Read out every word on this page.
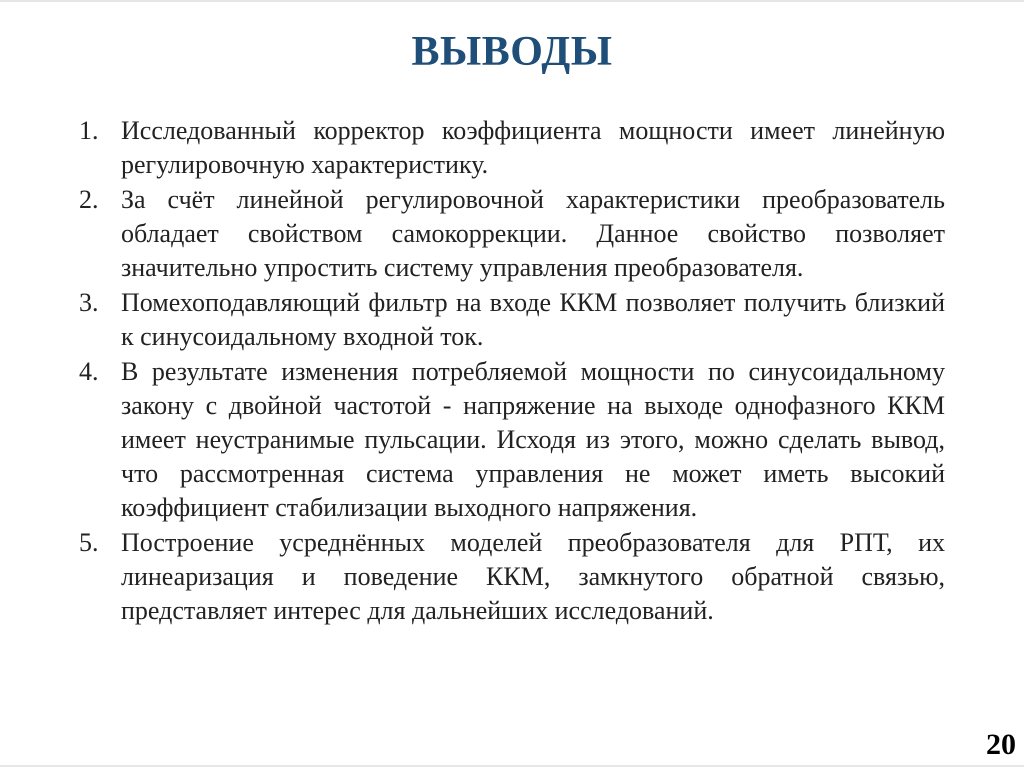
ВЫВОДЫ
1. Исследованный корректор коэффициента мощности имеет линейную регулировочную характеристику.
2. За счёт линейной регулировочной характеристики преобразователь обладает свойством самокоррекции. Данное свойство позволяет значительно упростить систему управления преобразователя.
3. Помехоподавляющий фильтр на входе ККМ позволяет получить близкий к синусоидальному входной ток.
4. В результате изменения потребляемой мощности по синусоидальному закону с двойной частотой - напряжение на выходе однофазного ККМ имеет неустранимые пульсации. Исходя из этого, можно сделать вывод, что рассмотренная система управления не может иметь высокий коэффициент стабилизации выходного напряжения.
5. Построение усреднённых моделей преобразователя для РПТ, их линеаризация и поведение ККМ, замкнутого обратной связью, представляет интерес для дальнейших исследований.
20
